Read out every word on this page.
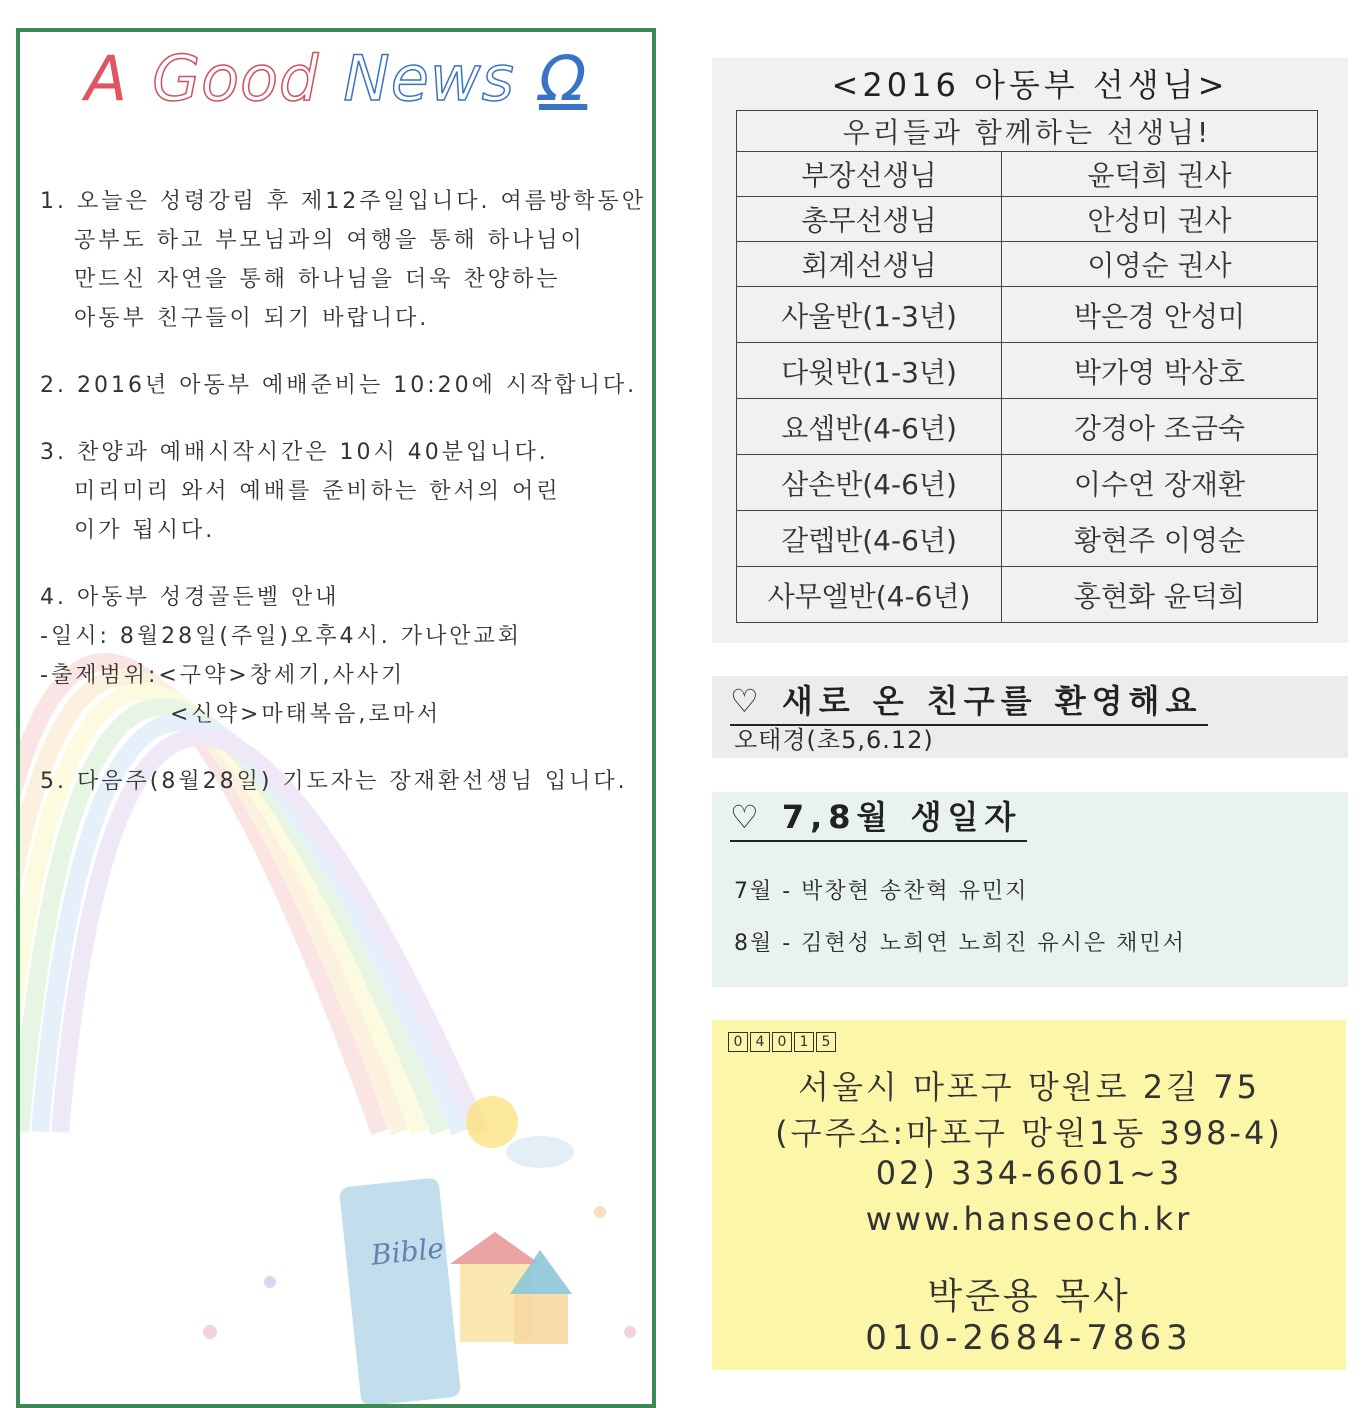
Bible
A Good News Ω
1. 오늘은 성령강림 후 제12주일입니다. 여름방학동안
공부도 하고 부모님과의 여행을 통해 하나님이
만드신 자연을 통해 하나님을 더욱 찬양하는
아동부 친구들이 되기 바랍니다.
2. 2016년 아동부 예배준비는 10:20에 시작합니다.
3. 찬양과 예배시작시간은 10시 40분입니다.
미리미리 와서 예배를 준비하는 한서의 어린
이가 됩시다.
4. 아동부 성경골든벨 안내
-일시: 8월28일(주일)오후4시. 가나안교회
-출제범위:<구약>창세기,사사기
<신약>마태복음,로마서
5. 다음주(8월28일) 기도자는 장재환선생님 입니다.
<2016 아동부 선생님>
우리들과 함께하는 선생님!	
부장선생님	윤덕희 권사
총무선생님	안성미 권사
회계선생님	이영순 권사
사울반(1-3년)	박은경 안성미
다윗반(1-3년)	박가영 박상호
요셉반(4-6년)	강경아 조금숙
삼손반(4-6년)	이수연 장재환
갈렙반(4-6년)	황현주 이영순
사무엘반(4-6년)	홍현화 윤덕희
♡ 새로 온 친구를 환영해요
오태경(초5,6.12)
♡ 7,8월 생일자
7월 - 박창현 송찬혁 유민지
8월 - 김현성 노희연 노희진 유시은 채민서
0 4 0 1 5
서울시 마포구 망원로 2길 75
(구주소:마포구 망원1동 398-4)
02) 334-6601~3
www.hanseoch.kr
박준용 목사
010-2684-7863
